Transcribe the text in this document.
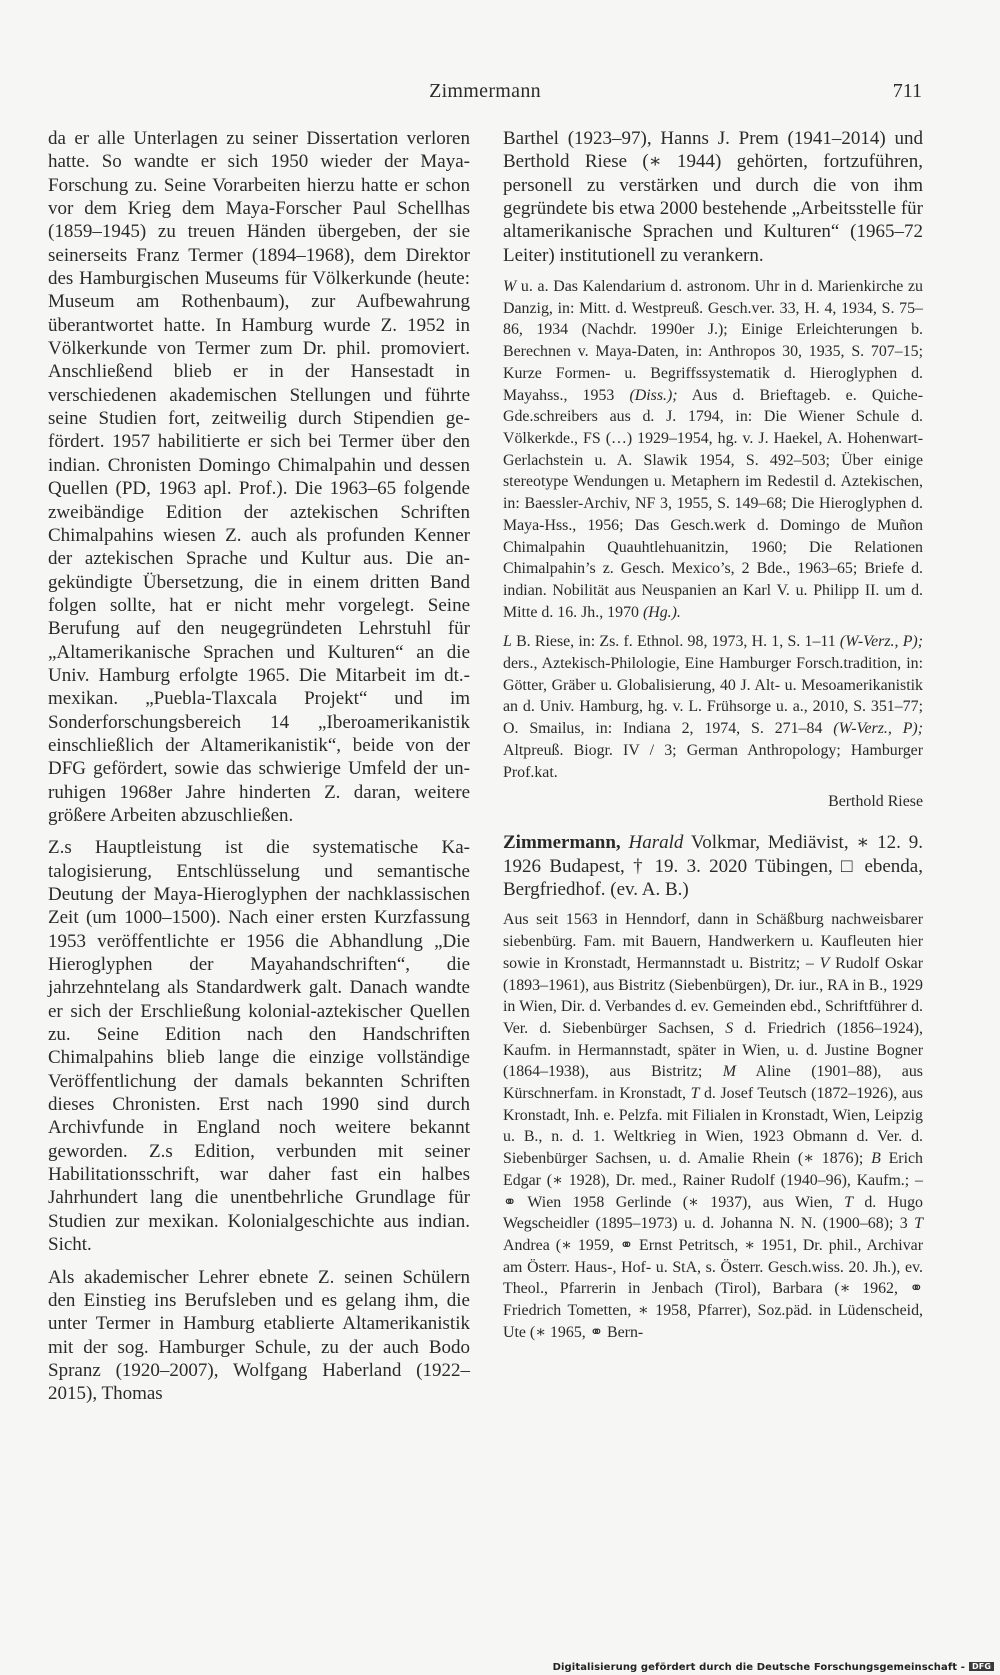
Zimmermann	711

da er alle Unterlagen zu seiner Dissertation verloren hatte. So wandte er sich 1950 wieder der Maya-Forschung zu. Seine Vorarbeiten hierzu hatte er schon vor dem Krieg dem Maya-Forscher Paul Schellhas (1859–1945) zu treuen Händen übergeben, der sie seinerseits Franz Termer (1894–1968), dem Direktor des Hamburgischen Museums für Völkerkunde (heute: Museum am Rothenbaum), zur Aufbewahrung überantwortet hatte. In Hamburg wurde Z. 1952 in Völkerkunde von Termer zum Dr. phil. promoviert. Anschließend blieb er in der Hansestadt in verschiedenen akademischen Stellungen und führte seine Studien fort, zeitweilig durch Stipendien gefördert. 1957 habilitierte er sich bei Termer über den indian. Chronisten Domingo Chimalpahin und dessen Quellen (PD, 1963 apl. Prof.). Die 1963–65 folgende zweibändige Edition der aztekischen Schriften Chimalpahins wiesen Z. auch als profunden Kenner der aztekischen Sprache und Kultur aus. Die angekündigte Übersetzung, die in einem dritten Band folgen sollte, hat er nicht mehr vorgelegt. Seine Berufung auf den neugegründeten Lehrstuhl für „Altamerikanische Sprachen und Kulturen“ an die Univ. Hamburg erfolgte 1965. Die Mitarbeit im dt.-mexikan. „Puebla-Tlaxcala Projekt“ und im Sonderforschungsbereich 14 „Iberoamerikanistik einschließlich der Altamerikanistik“, beide von der DFG gefördert, sowie das schwierige Umfeld der unruhigen 1968er Jahre hinderten Z. daran, weitere größere Arbeiten abzuschließen.

Z.s Hauptleistung ist die systematische Katalogisierung, Entschlüsselung und semantische Deutung der Maya-Hieroglyphen der nachklassischen Zeit (um 1000–1500). Nach einer ersten Kurzfassung 1953 veröffentlichte er 1956 die Abhandlung „Die Hieroglyphen der Mayahandschriften“, die jahrzehntelang als Standardwerk galt. Danach wandte er sich der Erschließung kolonial-aztekischer Quellen zu. Seine Edition nach den Handschriften Chimalpahins blieb lange die einzige vollständige Veröffentlichung der damals bekannten Schriften dieses Chronisten. Erst nach 1990 sind durch Archivfunde in England noch weitere bekannt geworden. Z.s Edition, verbunden mit seiner Habilitationsschrift, war daher fast ein halbes Jahrhundert lang die unentbehrliche Grundlage für Studien zur mexikan. Kolonialgeschichte aus indian. Sicht.

Als akademischer Lehrer ebnete Z. seinen Schülern den Einstieg ins Berufsleben und es gelang ihm, die unter Termer in Hamburg etablierte Altamerikanistik mit der sog. Hamburger Schule, zu der auch Bodo Spranz (1920–2007), Wolfgang Haberland (1922–2015), Thomas

Barthel (1923–97), Hanns J. Prem (1941–2014) und Berthold Riese (∗ 1944) gehörten, fortzuführen, personell zu verstärken und durch die von ihm gegründete bis etwa 2000 bestehende „Arbeitsstelle für altamerikanische Sprachen und Kulturen“ (1965–72 Leiter) institutionell zu verankern.

W u. a. Das Kalendarium d. astronom. Uhr in d. Marienkirche zu Danzig, in: Mitt. d. Westpreuß. Gesch.ver. 33, H. 4, 1934, S. 75–86, 1934 (Nachdr. 1990er J.); Einige Erleichterungen b. Berechnen v. Maya-Daten, in: Anthropos 30, 1935, S. 707–15; Kurze Formen- u. Begriffssystematik d. Hieroglyphen d. Mayahss., 1953 (Diss.); Aus d. Brieftageb. e. Quiche-Gde.schreibers aus d. J. 1794, in: Die Wiener Schule d. Völkerkde., FS (…) 1929–1954, hg. v. J. Haekel, A. Hohenwart-Gerlachstein u. A. Slawik 1954, S. 492–503; Über einige stereotype Wendungen u. Metaphern im Redestil d. Aztekischen, in: Baessler-Archiv, NF 3, 1955, S. 149–68; Die Hieroglyphen d. Maya-Hss., 1956; Das Gesch.werk d. Domingo de Muñon Chimalpahin Quauhtlehuanitzin, 1960; Die Relationen Chimalpahin’s z. Gesch. Mexico’s, 2 Bde., 1963–65; Briefe d. indian. Nobilität aus Neuspanien an Karl V. u. Philipp II. um d. Mitte d. 16. Jh., 1970 (Hg.).

L B. Riese, in: Zs. f. Ethnol. 98, 1973, H. 1, S. 1–11 (W-Verz., P); ders., Aztekisch-Philologie, Eine Hamburger Forsch.tradition, in: Götter, Gräber u. Globalisierung, 40 J. Alt- u. Mesoamerikanistik an d. Univ. Hamburg, hg. v. L. Frühsorge u. a., 2010, S. 351–77; O. Smailus, in: Indiana 2, 1974, S. 271–84 (W-Verz., P); Altpreuß. Biogr. IV / 3; German Anthropology; Hamburger Prof.kat.

Berthold Riese

Zimmermann, Harald Volkmar, Mediävist, ∗ 12. 9. 1926 Budapest, † 19. 3. 2020 Tübingen, □ ebenda, Bergfriedhof. (ev. A. B.)

Aus seit 1563 in Henndorf, dann in Schäßburg nachweisbarer siebenbürg. Fam. mit Bauern, Handwerkern u. Kaufleuten hier sowie in Kronstadt, Hermannstadt u. Bistritz; – V Rudolf Oskar (1893–1961), aus Bistritz (Siebenbürgen), Dr. iur., RA in B., 1929 in Wien, Dir. d. Verbandes d. ev. Gemeinden ebd., Schriftführer d. Ver. d. Siebenbürger Sachsen, S d. Friedrich (1856–1924), Kaufm. in Hermannstadt, später in Wien, u. d. Justine Bogner (1864–1938), aus Bistritz; M Aline (1901–88), aus Kürschnerfam. in Kronstadt, T d. Josef Teutsch (1872–1926), aus Kronstadt, Inh. e. Pelzfa. mit Filialen in Kronstadt, Wien, Leipzig u. B., n. d. 1. Weltkrieg in Wien, 1923 Obmann d. Ver. d. Siebenbürger Sachsen, u. d. Amalie Rhein (∗ 1876); B Erich Edgar (∗ 1928), Dr. med., Rainer Rudolf (1940–96), Kaufm.; – ⚭ Wien 1958 Gerlinde (∗ 1937), aus Wien, T d. Hugo Wegscheidler (1895–1973) u. d. Johanna N. N. (1900–68); 3 T Andrea (∗ 1959, ⚭ Ernst Petritsch, ∗ 1951, Dr. phil., Archivar am Österr. Haus-, Hof- u. StA, s. Österr. Gesch.wiss. 20. Jh.), ev. Theol., Pfarrerin in Jenbach (Tirol), Barbara (∗ 1962, ⚭ Friedrich Tometten, ∗ 1958, Pfarrer), Soz.päd. in Lüdenscheid, Ute (∗ 1965, ⚭ Bern-

Digitalisierung gefördert durch die Deutsche Forschungsgemeinschaft - DFG
